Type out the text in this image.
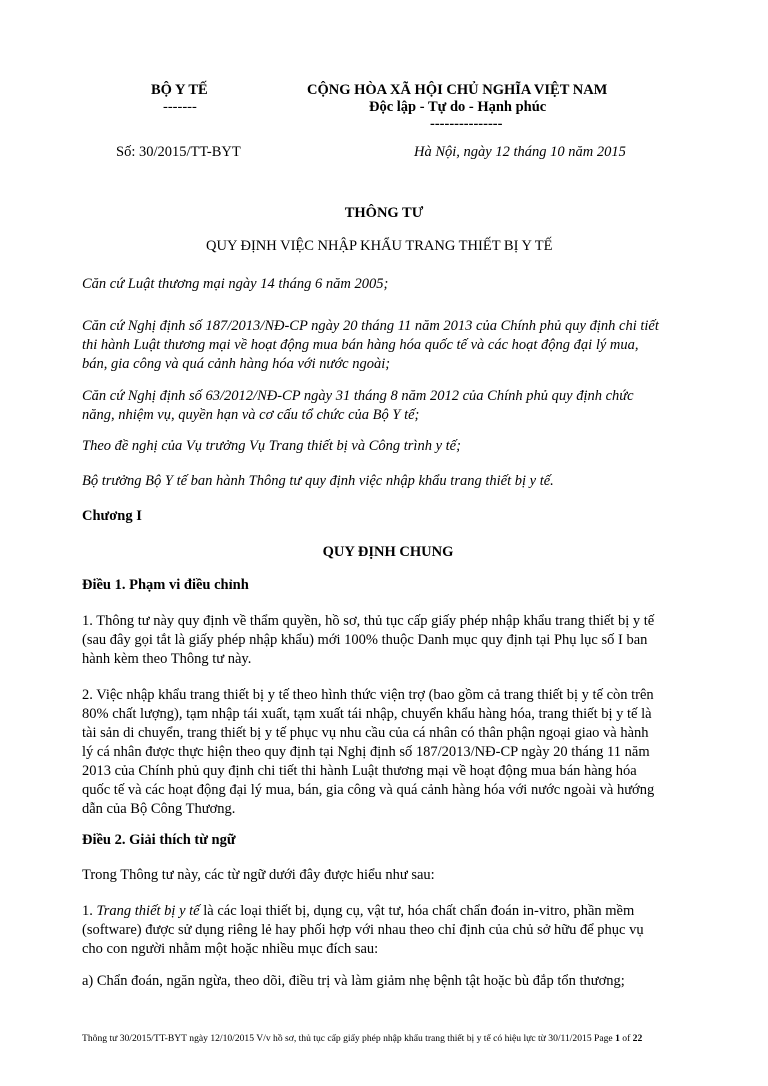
BỘ Y TẾ
-------
CỘNG HÒA XÃ HỘI CHỦ NGHĨA VIỆT NAM
Độc lập - Tự do - Hạnh phúc
---------------
Số: 30/2015/TT-BYT	Hà Nội, ngày 12 tháng 10 năm 2015
THÔNG TƯ
QUY ĐỊNH VIỆC NHẬP KHẨU TRANG THIẾT BỊ Y TẾ
Căn cứ Luật thương mại ngày 14 tháng 6 năm 2005;
Căn cứ Nghị định số 187/2013/NĐ-CP ngày 20 tháng 11 năm 2013 của Chính phủ quy định chi tiết
thi hành Luật thương mại về hoạt động mua bán hàng hóa quốc tế và các hoạt động đại lý mua,
bán, gia công và quá cảnh hàng hóa với nước ngoài;
Căn cứ Nghị định số 63/2012/NĐ-CP ngày 31 tháng 8 năm 2012 của Chính phủ quy định chức
năng, nhiệm vụ, quyền hạn và cơ cấu tổ chức của Bộ Y tế;
Theo đề nghị của Vụ trưởng Vụ Trang thiết bị và Công trình y tế;
Bộ trưởng Bộ Y tế ban hành Thông tư quy định việc nhập khẩu trang thiết bị y tế.
Chương I
QUY ĐỊNH CHUNG
Điều 1. Phạm vi điều chỉnh
1. Thông tư này quy định về thẩm quyền, hồ sơ, thủ tục cấp giấy phép nhập khẩu trang thiết bị y tế
(sau đây gọi tắt là giấy phép nhập khẩu) mới 100% thuộc Danh mục quy định tại Phụ lục số I ban
hành kèm theo Thông tư này.
2. Việc nhập khẩu trang thiết bị y tế theo hình thức viện trợ (bao gồm cả trang thiết bị y tế còn trên
80% chất lượng), tạm nhập tái xuất, tạm xuất tái nhập, chuyển khẩu hàng hóa, trang thiết bị y tế là
tài sản di chuyển, trang thiết bị y tế phục vụ nhu cầu của cá nhân có thân phận ngoại giao và hành
lý cá nhân được thực hiện theo quy định tại Nghị định số 187/2013/NĐ-CP ngày 20 tháng 11 năm
2013 của Chính phủ quy định chi tiết thi hành Luật thương mại về hoạt động mua bán hàng hóa
quốc tế và các hoạt động đại lý mua, bán, gia công và quá cảnh hàng hóa với nước ngoài và hướng
dẫn của Bộ Công Thương.
Điều 2. Giải thích từ ngữ
Trong Thông tư này, các từ ngữ dưới đây được hiểu như sau:
1. Trang thiết bị y tế là các loại thiết bị, dụng cụ, vật tư, hóa chất chẩn đoán in-vitro, phần mềm
(software) được sử dụng riêng lẻ hay phối hợp với nhau theo chỉ định của chủ sở hữu để phục vụ
cho con người nhằm một hoặc nhiều mục đích sau:
a) Chẩn đoán, ngăn ngừa, theo dõi, điều trị và làm giảm nhẹ bệnh tật hoặc bù đắp tổn thương;
Thông tư 30/2015/TT-BYT ngày 12/10/2015 V/v hồ sơ, thủ tục cấp giấy phép nhập khẩu trang thiết bị y tế có hiệu lực từ 30/11/2015 Page 1 of 22
